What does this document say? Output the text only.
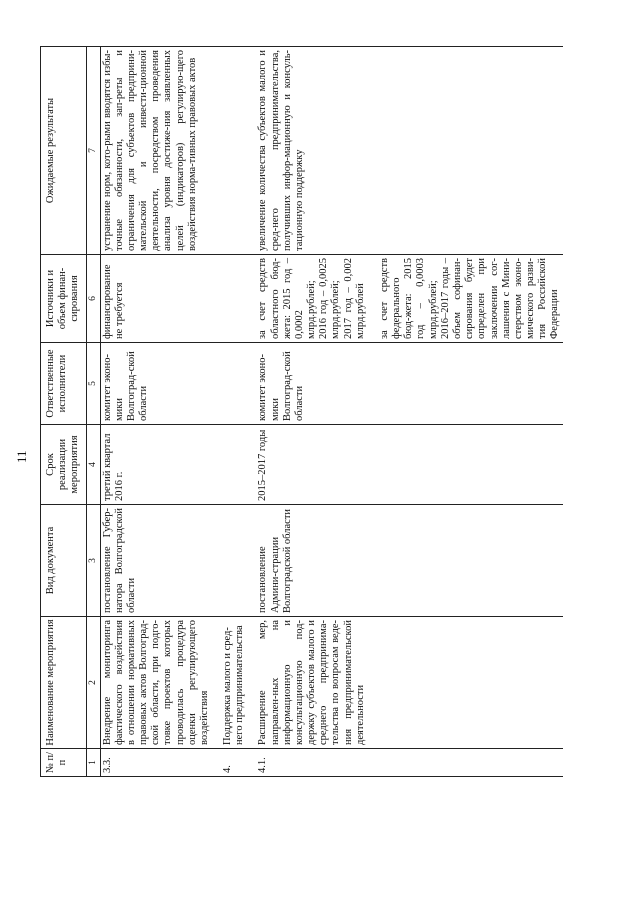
11
№ п/п	Наименование мероприятия	Вид документа	Срок реализации мероприятия	Ответственные исполнители	Источники и объем финан-сирования	Ожидаемые результаты
1	2	3	4	5	6	7
3.3.	Внедрение мониторинга фактического воздействия в отношении нормативных правовых актов Волгоград-ской области, при подго-товке проектов которых проводилась процедура оценки регулирующего воздействия	постановление Губер-натора Волгоградской области	третий квартал 2016 г.	комитет эконо-мики Волгоград-ской области	финансирование не требуется	устранение норм, кото-рыми вводятся избы-точные обязанности, зап-реты и ограничения для субъектов предприни-мательской и инвести-ционной деятельности, посредством проведения анализа уровня достиже-ния заявленных целей (индикаторов) регулирую-щего воздействия норма-тивных правовых актов
4.	Поддержка малого и сред-него предпринимательства					
4.1.	Расширение мер, направлен-ных на информационную и консультационную под-держку субъектов малого и среднего предпринима-тельства по вопросам веде-ния предпринимательской деятельности	постановление Админи-страции Волгоградской области	2015–2017 годы	комитет эконо-мики Волгоград-ской области	за счет средств областного бюд-жета: 2015 год – 0,0002 млрд.рублей; 2016 год – 0,0025 млрд.рублей; 2017 год – 0,002 млрд.рублей за счет средств федерального бюд-жета: 2015 год – 0,0003 млрд.рублей; 2016–2017 годы – объем софинан-сирования будет определен при заключении сог-лашения с Мини-стерством эконо-мического разви-тия Российской Федерации	увеличение количества субъектов малого и сред-него предпринимательства, получивших инфор-мационную и консуль-тационную поддержку
